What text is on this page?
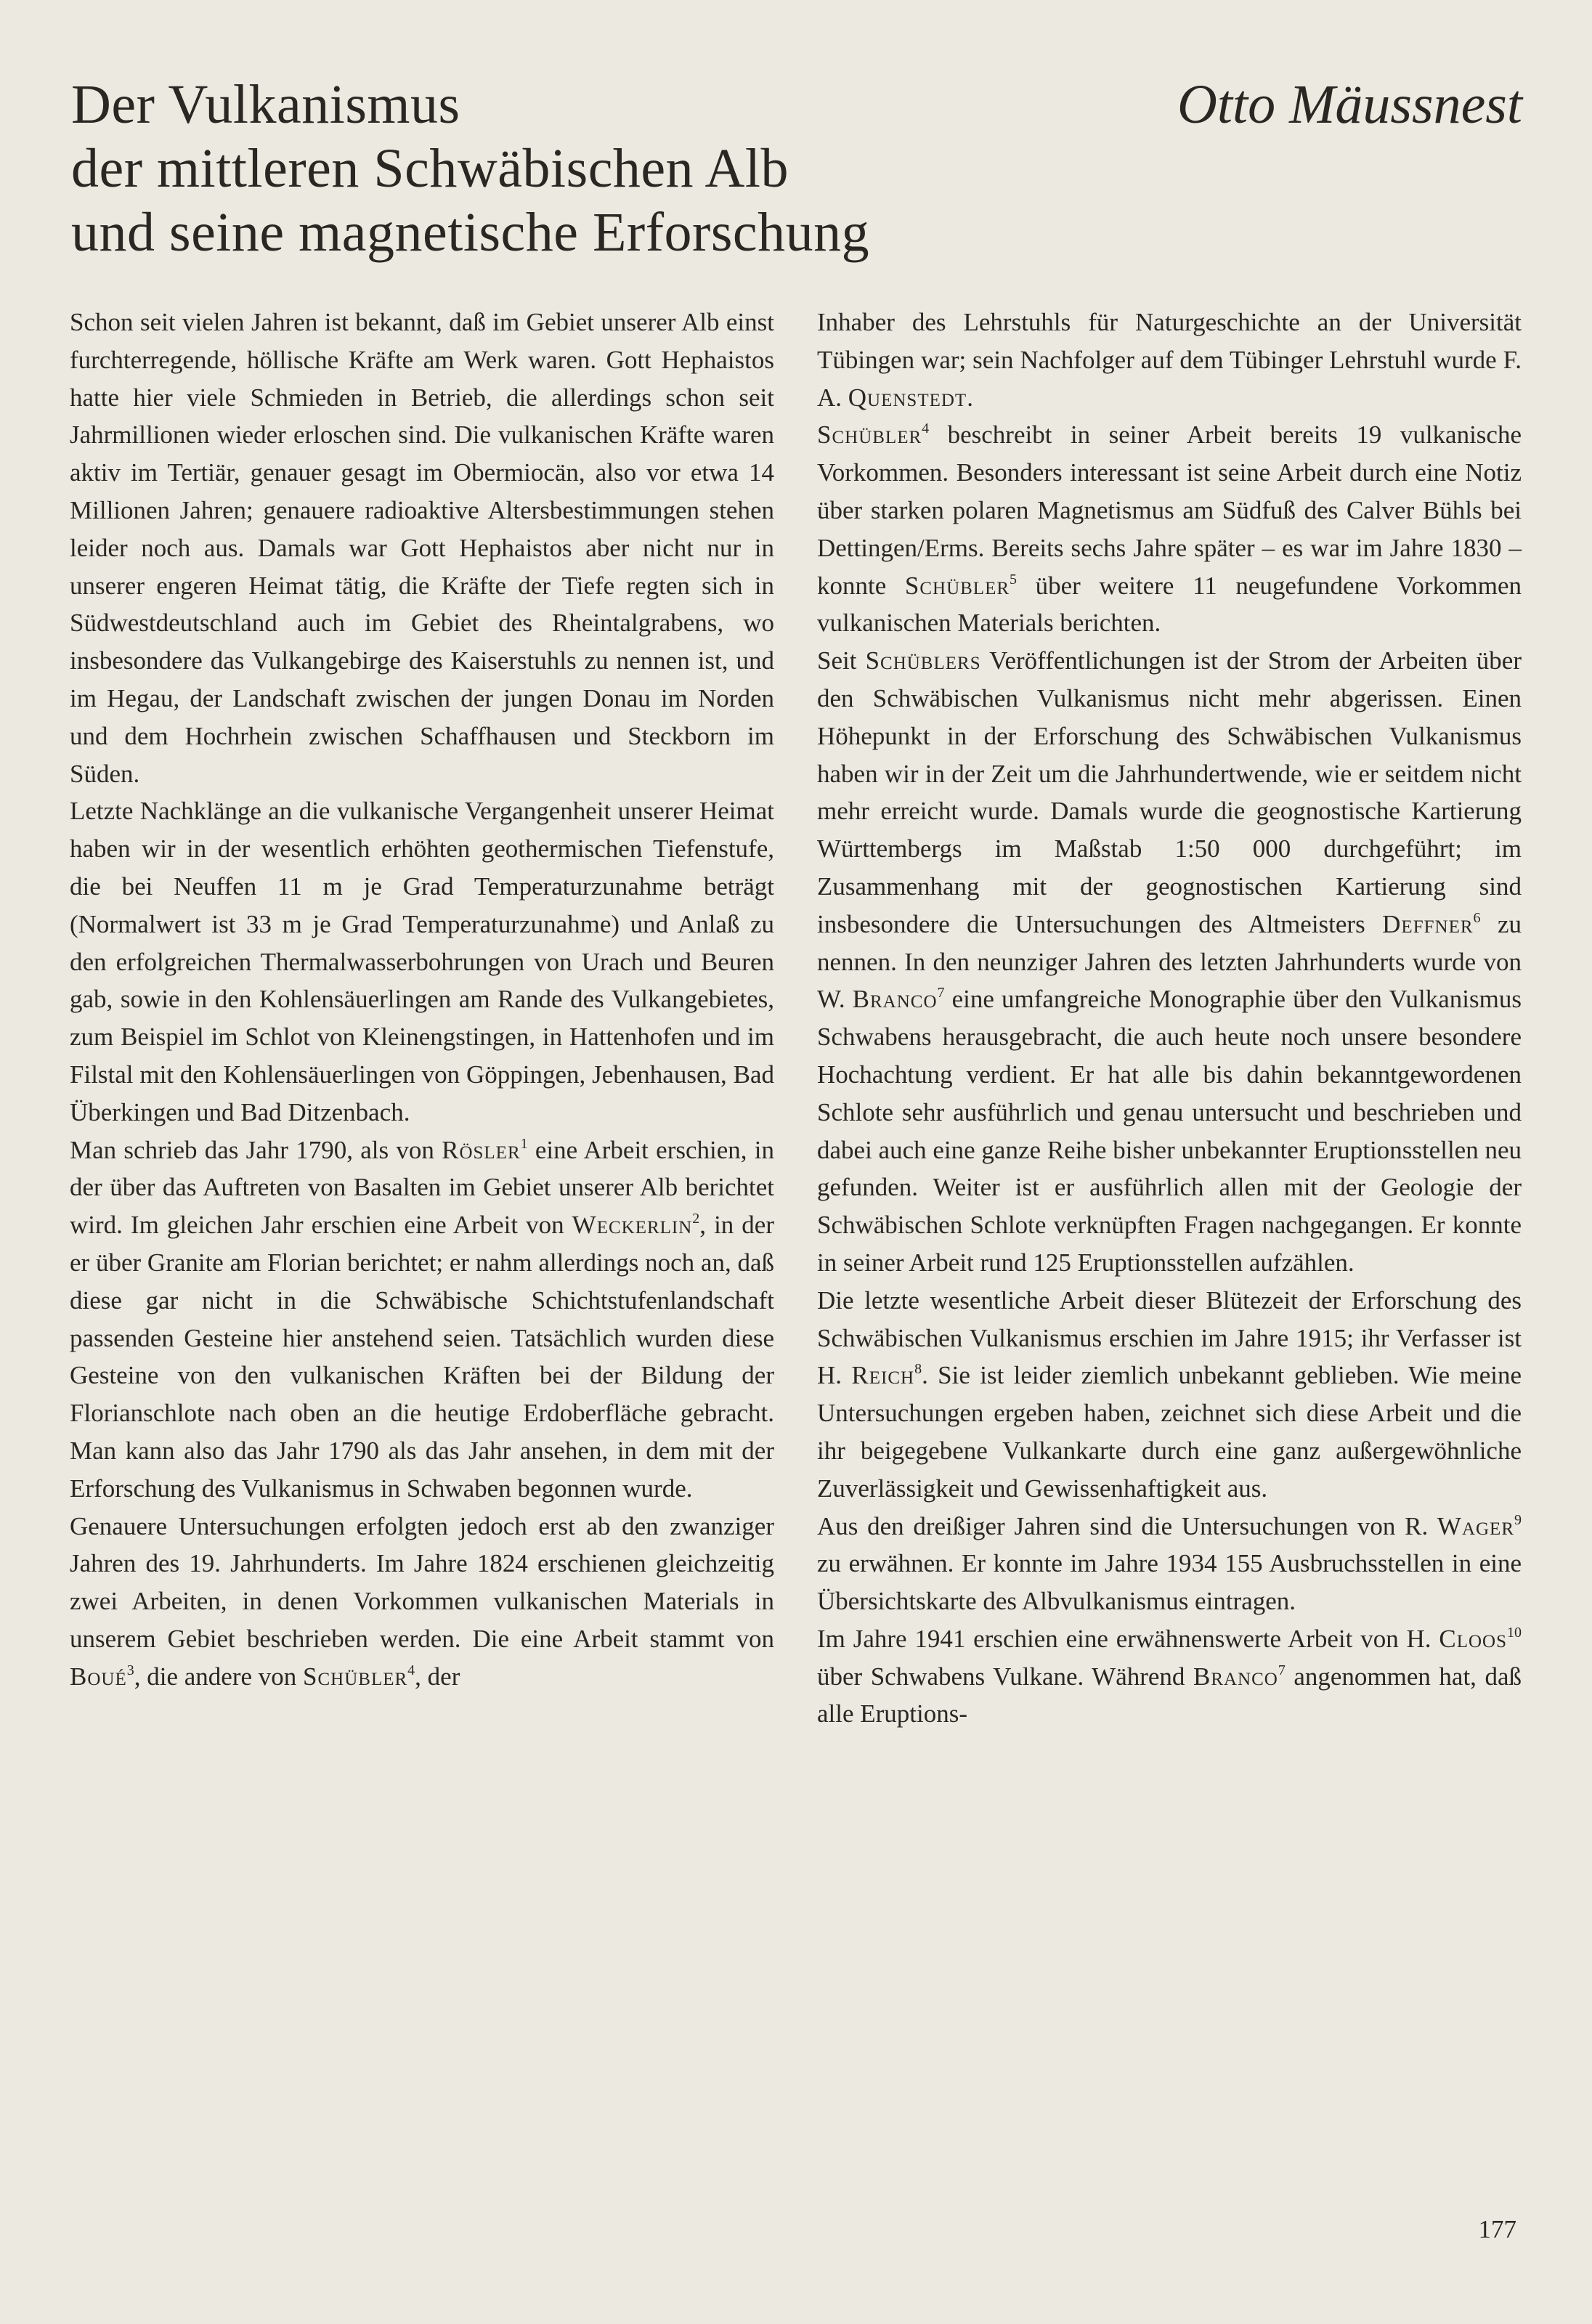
Der Vulkanismus
der mittleren Schwäbischen Alb
und seine magnetische Erforschung
Otto Mäussnest

Schon seit vielen Jahren ist bekannt, daß im Gebiet unserer Alb einst furchterregende, höllische Kräfte am Werk waren. Gott Hephaistos hatte hier viele Schmieden in Betrieb, die allerdings schon seit Jahrmillionen wieder erloschen sind. Die vulkanischen Kräfte waren aktiv im Tertiär, genauer gesagt im Obermiocän, also vor etwa 14 Millionen Jahren; genauere radioaktive Altersbestimmungen stehen leider noch aus. Damals war Gott Hephaistos aber nicht nur in unserer engeren Heimat tätig, die Kräfte der Tiefe regten sich in Südwestdeutschland auch im Gebiet des Rheintalgrabens, wo insbesondere das Vulkangebirge des Kaiserstuhls zu nennen ist, und im Hegau, der Landschaft zwischen der jungen Donau im Norden und dem Hochrhein zwischen Schaffhausen und Steckborn im Süden.

Letzte Nachklänge an die vulkanische Vergangenheit unserer Heimat haben wir in der wesentlich erhöhten geothermischen Tiefenstufe, die bei Neuffen 11 m je Grad Temperaturzunahme beträgt (Normalwert ist 33 m je Grad Temperaturzunahme) und Anlaß zu den erfolgreichen Thermalwasserbohrungen von Urach und Beuren gab, sowie in den Kohlensäuerlingen am Rande des Vulkangebietes, zum Beispiel im Schlot von Kleinengstingen, in Hattenhofen und im Filstal mit den Kohlensäuerlingen von Göppingen, Jebenhausen, Bad Überkingen und Bad Ditzenbach.

Man schrieb das Jahr 1790, als von Rösler$^1$ eine Arbeit erschien, in der über das Auftreten von Basalten im Gebiet unserer Alb berichtet wird. Im gleichen Jahr erschien eine Arbeit von Weckerlin$^2$, in der er über Granite am Florian berichtet; er nahm allerdings noch an, daß diese gar nicht in die Schwäbische Schichtstufenlandschaft passenden Gesteine hier anstehend seien. Tatsächlich wurden diese Gesteine von den vulkanischen Kräften bei der Bildung der Florianschlote nach oben an die heutige Erdoberfläche gebracht. Man kann also das Jahr 1790 als das Jahr ansehen, in dem mit der Erforschung des Vulkanismus in Schwaben begonnen wurde.

Genauere Untersuchungen erfolgten jedoch erst ab den zwanziger Jahren des 19. Jahrhunderts. Im Jahre 1824 erschienen gleichzeitig zwei Arbeiten, in denen Vorkommen vulkanischen Materials in unserem Gebiet beschrieben werden. Die eine Arbeit stammt von Boué$^3$, die andere von Schübler$^4$, der

Inhaber des Lehrstuhls für Naturgeschichte an der Universität Tübingen war; sein Nachfolger auf dem Tübinger Lehrstuhl wurde F. A. Quenstedt.

Schübler$^4$ beschreibt in seiner Arbeit bereits 19 vulkanische Vorkommen. Besonders interessant ist seine Arbeit durch eine Notiz über starken polaren Magnetismus am Südfuß des Calver Bühls bei Dettingen/Erms. Bereits sechs Jahre später – es war im Jahre 1830 – konnte Schübler$^5$ über weitere 11 neugefundene Vorkommen vulkanischen Materials berichten.

Seit Schüblers Veröffentlichungen ist der Strom der Arbeiten über den Schwäbischen Vulkanismus nicht mehr abgerissen. Einen Höhepunkt in der Erforschung des Schwäbischen Vulkanismus haben wir in der Zeit um die Jahrhundertwende, wie er seitdem nicht mehr erreicht wurde. Damals wurde die geognostische Kartierung Württembergs im Maßstab 1:50 000 durchgeführt; im Zusammenhang mit der geognostischen Kartierung sind insbesondere die Untersuchungen des Altmeisters Deffner$^6$ zu nennen. In den neunziger Jahren des letzten Jahrhunderts wurde von W. Branco$^7$ eine umfangreiche Monographie über den Vulkanismus Schwabens herausgebracht, die auch heute noch unsere besondere Hochachtung verdient. Er hat alle bis dahin bekanntgewordenen Schlote sehr ausführlich und genau untersucht und beschrieben und dabei auch eine ganze Reihe bisher unbekannter Eruptionsstellen neu gefunden. Weiter ist er ausführlich allen mit der Geologie der Schwäbischen Schlote verknüpften Fragen nachgegangen. Er konnte in seiner Arbeit rund 125 Eruptionsstellen aufzählen.

Die letzte wesentliche Arbeit dieser Blütezeit der Erforschung des Schwäbischen Vulkanismus erschien im Jahre 1915; ihr Verfasser ist H. Reich$^8$. Sie ist leider ziemlich unbekannt geblieben. Wie meine Untersuchungen ergeben haben, zeichnet sich diese Arbeit und die ihr beigegebene Vulkankarte durch eine ganz außergewöhnliche Zuverlässigkeit und Gewissenhaftigkeit aus.

Aus den dreißiger Jahren sind die Untersuchungen von R. Wager$^9$ zu erwähnen. Er konnte im Jahre 1934 155 Ausbruchsstellen in eine Übersichtskarte des Albvulkanismus eintragen.

Im Jahre 1941 erschien eine erwähnenswerte Arbeit von H. Cloos$^{10}$ über Schwabens Vulkane. Während Branco$^7$ angenommen hat, daß alle Eruptions-

177
